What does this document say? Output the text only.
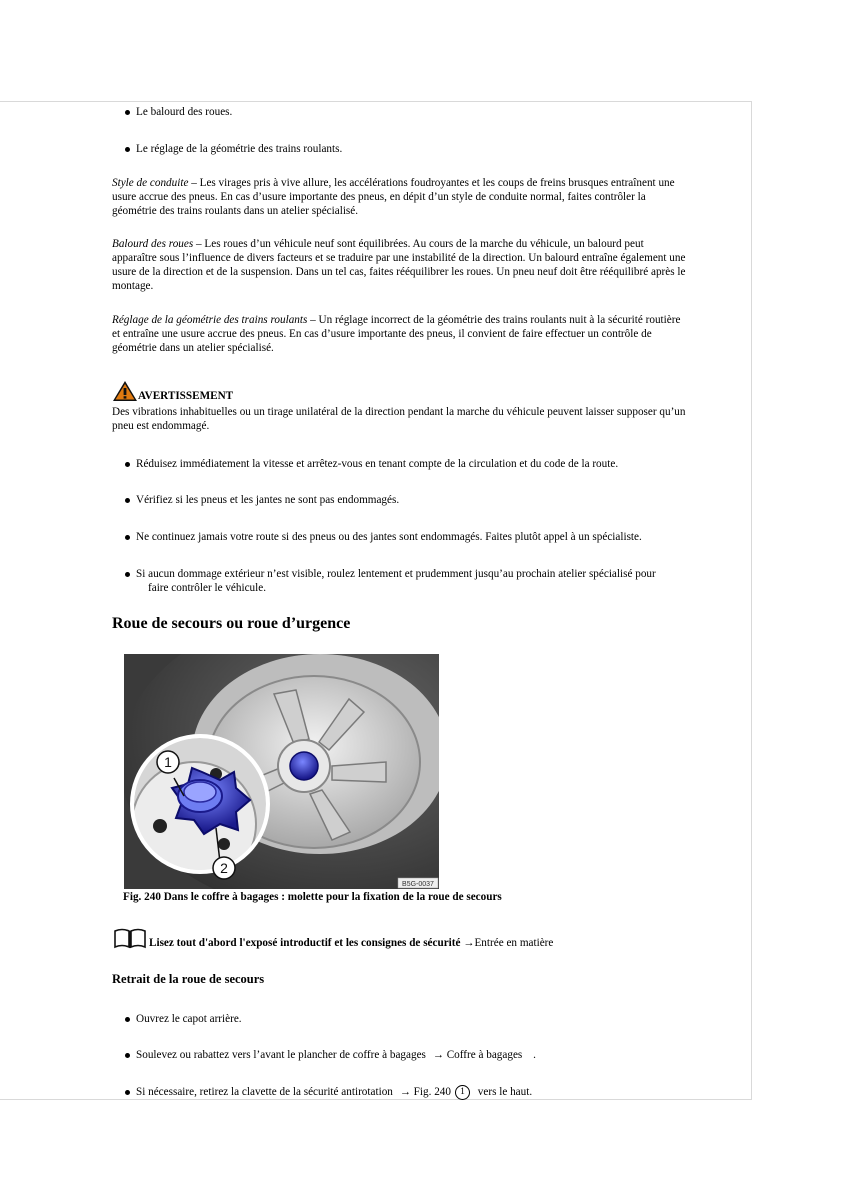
Le balourd des roues.
Le réglage de la géométrie des trains roulants.
Style de conduite – Les virages pris à vive allure, les accélérations foudroyantes et les coups de freins brusques entraînent une
usure accrue des pneus. En cas d’usure importante des pneus, en dépit d’un style de conduite normal, faites contrôler la
géométrie des trains roulants dans un atelier spécialisé.
Balourd des roues – Les roues d’un véhicule neuf sont équilibrées. Au cours de la marche du véhicule, un balourd peut
apparaître sous l’influence de divers facteurs et se traduire par une instabilité de la direction. Un balourd entraîne également une
usure de la direction et de la suspension. Dans un tel cas, faites rééquilibrer les roues. Un pneu neuf doit être rééquilibré après le
montage.
Réglage de la géométrie des trains roulants – Un réglage incorrect de la géométrie des trains roulants nuit à la sécurité routière
et entraîne une usure accrue des pneus. En cas d’usure importante des pneus, il convient de faire effectuer un contrôle de
géométrie dans un atelier spécialisé.
AVERTISSEMENT
Des vibrations inhabituelles ou un tirage unilatéral de la direction pendant la marche du véhicule peuvent laisser supposer qu’un
pneu est endommagé.
Réduisez immédiatement la vitesse et arrêtez-vous en tenant compte de la circulation et du code de la route.
Vérifiez si les pneus et les jantes ne sont pas endommagés.
Ne continuez jamais votre route si des pneus ou des jantes sont endommagés. Faites plutôt appel à un spécialiste.
Si aucun dommage extérieur n’est visible, roulez lentement et prudemment jusqu’au prochain atelier spécialisé pour
faire contrôler le véhicule.
Roue de secours ou roue d’urgence
1
2
B5G-0037
Fig. 240 Dans le coffre à bagages : molette pour la fixation de la roue de secours
Lisez tout d'abord l'exposé introductif et les consignes de sécurité →Entrée en matière
Retrait de la roue de secours
Ouvrez le capot arrière.
Soulevez ou rabattez vers l’avant le plancher de coffre à bagages → Coffre à bagages .
Si nécessaire, retirez la clavette de la sécurité antirotation → Fig. 240 1 vers le haut.
